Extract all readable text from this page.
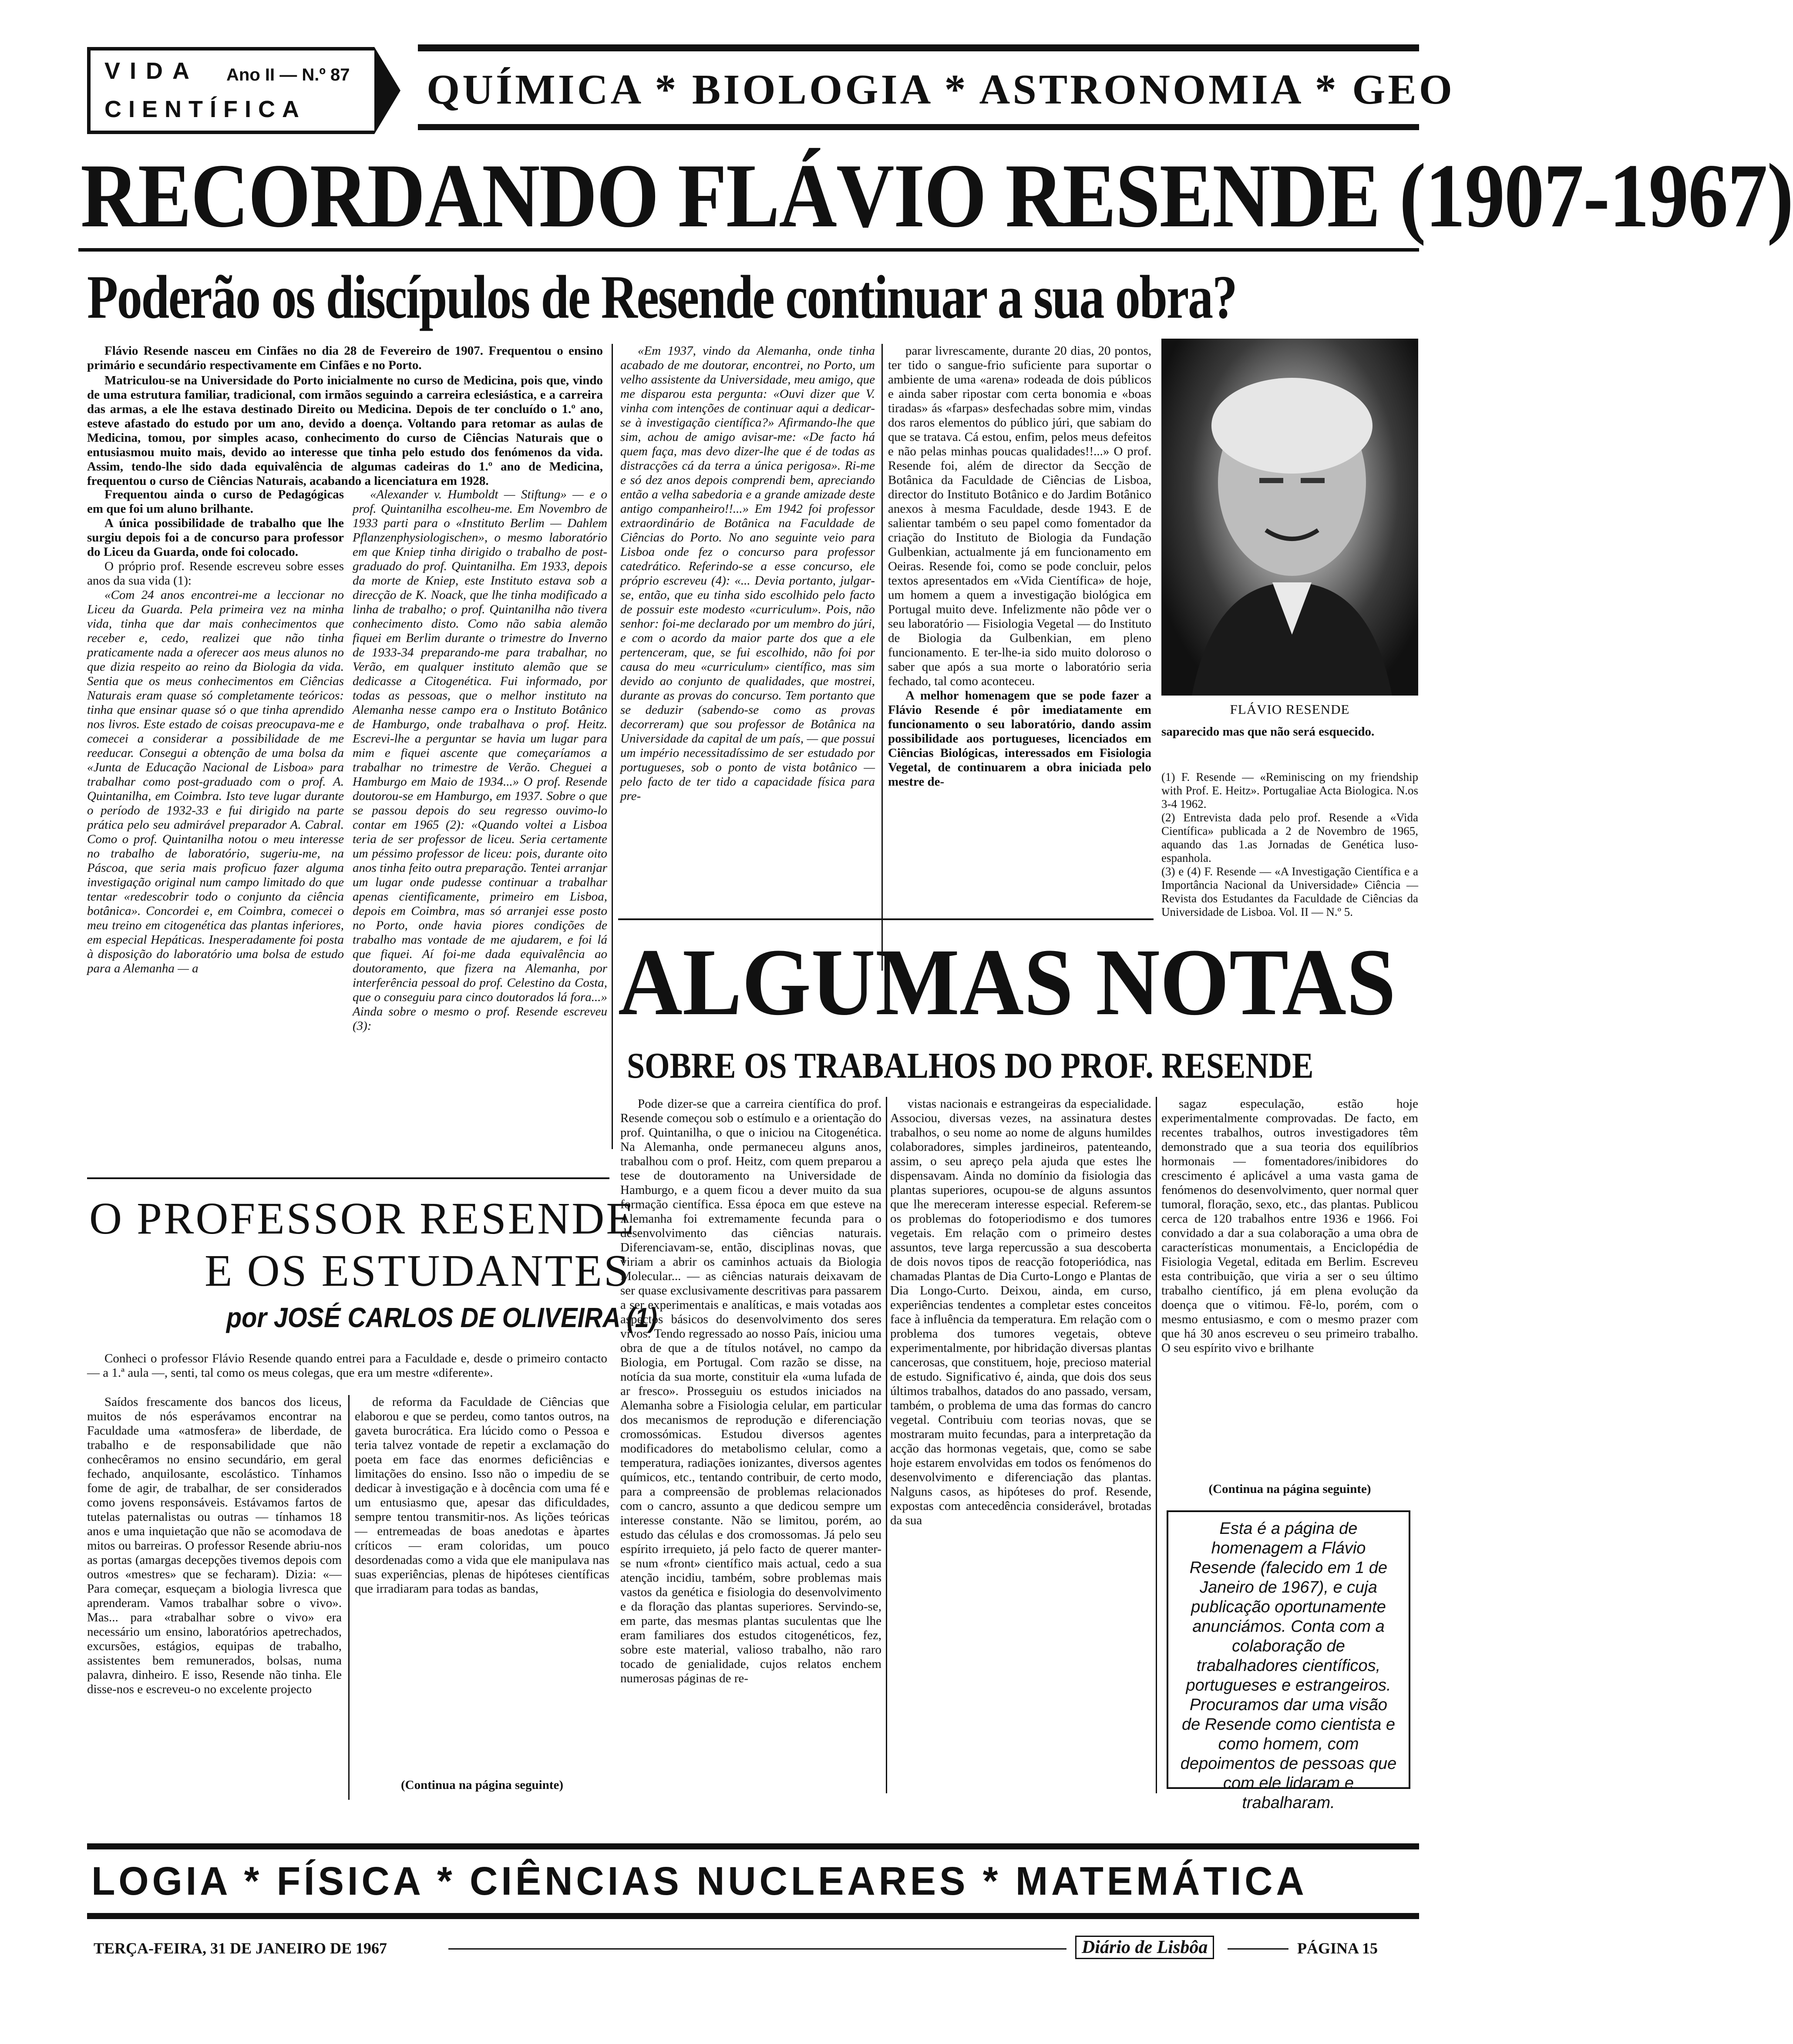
VIDA Ano II — N.º 87
CIENTÍFICA	QUÍMICA * BIOLOGIA * ASTRONOMIA * GEO
RECORDANDO FLÁVIO RESENDE (1907-1967)
Poderão os discípulos de Resende continuar a sua obra?

Flávio Resende nasceu em Cinfães no dia 28 de Fevereiro de 1907. Frequentou o ensino primário e secundário respectivamente em Cinfães e no Porto.

Matriculou-se na Universidade do Porto inicialmente no curso de Medicina, pois que, vindo de uma estrutura familiar, tradicional, com irmãos seguindo a carreira eclesiástica, e a carreira das armas, a ele lhe estava destinado Direito ou Medicina. Depois de ter concluído o 1.º ano, esteve afastado do estudo por um ano, devido a doença. Voltando para retomar as aulas de Medicina, tomou, por simples acaso, conhecimento do curso de Ciências Naturais que o entusiasmou muito mais, devido ao interesse que tinha pelo estudo dos fenómenos da vida. Assim, tendo-lhe sido dada equivalência de algumas cadeiras do 1.º ano de Medicina, frequentou o curso de Ciências Naturais, acabando a licenciatura em 1928.

Frequentou ainda o curso de Pedagógicas em que foi um aluno brilhante.

A única possibilidade de trabalho que lhe surgiu depois foi a de concurso para professor do Liceu da Guarda, onde foi colocado.

O próprio prof. Resende escreveu sobre esses anos da sua vida (1):

«Com 24 anos encontrei-me a leccionar no Liceu da Guarda. Pela primeira vez na minha vida, tinha que dar mais conhecimentos que receber e, cedo, realizei que não tinha praticamente nada a oferecer aos meus alunos no que dizia respeito ao reino da Biologia da vida. Sentia que os meus conhecimentos em Ciências Naturais eram quase só completamente teóricos: tinha que ensinar quase só o que tinha aprendido nos livros. Este estado de coisas preocupava-me e comecei a considerar a possibilidade de me reeducar. Consegui a obtenção de uma bolsa da «Junta de Educação Nacional de Lisboa» para trabalhar como post-graduado com o prof. A. Quintanilha, em Coimbra. Isto teve lugar durante o período de 1932-33 e fui dirigido na parte prática pelo seu admirável preparador A. Cabral. Como o prof. Quintanilha notou o meu interesse no trabalho de laboratório, sugeriu-me, na Páscoa, que seria mais proficuo fazer alguma investigação original num campo limitado do que tentar «redescobrir todo o conjunto da ciência botânica». Concordei e, em Coimbra, comecei o meu treino em citogenética das plantas inferiores, em especial Hepáticas. Inesperadamente foi posta à disposição do laboratório uma bolsa de estudo para a Alemanha — a

«Alexander v. Humboldt — Stiftung» — e o prof. Quintanilha escolheu-me. Em Novembro de 1933 parti para o «Instituto Berlim — Dahlem Pflanzenphysiologischen», o mesmo laboratório em que Kniep tinha dirigido o trabalho de post-graduado do prof. Quintanilha. Em 1933, depois da morte de Kniep, este Instituto estava sob a direcção de K. Noack, que lhe tinha modificado a linha de trabalho; o prof. Quintanilha não tivera conhecimento disto. Como não sabia alemão fiquei em Berlim durante o trimestre do Inverno de 1933-34 preparando-me para trabalhar, no Verão, em qualquer instituto alemão que se dedicasse a Citogenética. Fui informado, por todas as pessoas, que o melhor instituto na Alemanha nesse campo era o Instituto Botânico de Hamburgo, onde trabalhava o prof. Heitz. Escrevi-lhe a perguntar se havia um lugar para mim e fiquei ascente que começaríamos a trabalhar no trimestre de Verão. Cheguei a Hamburgo em Maio de 1934...» O prof. Resende doutorou-se em Hamburgo, em 1937. Sobre o que se passou depois do seu regresso ouvimo-lo contar em 1965 (2): «Quando voltei a Lisboa teria de ser professor de liceu. Seria certamente um péssimo professor de liceu: pois, durante oito anos tinha feito outra preparação. Tentei arranjar um lugar onde pudesse continuar a trabalhar apenas cientificamente, primeiro em Lisboa, depois em Coimbra, mas só arranjei esse posto no Porto, onde havia piores condições de trabalho mas vontade de me ajudarem, e foi lá que fiquei. Aí foi-me dada equivalência ao doutoramento, que fizera na Alemanha, por interferência pessoal do prof. Celestino da Costa, que o conseguiu para cinco doutorados lá fora...» Ainda sobre o mesmo o prof. Resende escreveu (3):

«Em 1937, vindo da Alemanha, onde tinha acabado de me doutorar, encontrei, no Porto, um velho assistente da Universidade, meu amigo, que me disparou esta pergunta: «Ouvi dizer que V. vinha com intenções de continuar aqui a dedicar-se à investigação científica?» Afirmando-lhe que sim, achou de amigo avisar-me: «De facto há quem faça, mas devo dizer-lhe que é de todas as distracções cá da terra a única perigosa». Ri-me e só dez anos depois comprendi bem, apreciando então a velha sabedoria e a grande amizade deste antigo companheiro!!...» Em 1942 foi professor extraordinário de Botânica na Faculdade de Ciências do Porto. No ano seguinte veio para Lisboa onde fez o concurso para professor catedrático. Referindo-se a esse concurso, ele próprio escreveu (4): «... Devia portanto, julgar-se, então, que eu tinha sido escolhido pelo facto de possuir este modesto «curriculum». Pois, não senhor: foi-me declarado por um membro do júri, e com o acordo da maior parte dos que a ele pertenceram, que, se fui escolhido, não foi por causa do meu «curriculum» científico, mas sim devido ao conjunto de qualidades, que mostrei, durante as provas do concurso. Tem portanto que se deduzir (sabendo-se como as provas decorreram) que sou professor de Botânica na Universidade da capital de um país, — que possui um império necessitadíssimo de ser estudado por portugueses, sob o ponto de vista botânico — pelo facto de ter tido a capacidade física para pre-

parar livrescamente, durante 20 dias, 20 pontos, ter tido o sangue-frio suficiente para suportar o ambiente de uma «arena» rodeada de dois públicos e ainda saber ripostar com certa bonomia e «boas tiradas» ás «farpas» desfechadas sobre mim, vindas dos raros elementos do público júri, que sabiam do que se tratava. Cá estou, enfim, pelos meus defeitos e não pelas minhas poucas qualidades!!...» O prof. Resende foi, além de director da Secção de Botânica da Faculdade de Ciências de Lisboa, director do Instituto Botânico e do Jardim Botânico anexos à mesma Faculdade, desde 1943. E de salientar também o seu papel como fomentador da criação do Instituto de Biologia da Fundação Gulbenkian, actualmente já em funcionamento em Oeiras. Resende foi, como se pode concluir, pelos textos apresentados em «Vida Científica» de hoje, um homem a quem a investigação biológica em Portugal muito deve. Infelizmente não pôde ver o seu laboratório — Fisiologia Vegetal — do Instituto de Biologia da Gulbenkian, em pleno funcionamento. E ter-lhe-ia sido muito doloroso o saber que após a sua morte o laboratório seria fechado, tal como aconteceu.

A melhor homenagem que se pode fazer a Flávio Resende é pôr imediatamente em funcionamento o seu laboratório, dando assim possibilidade aos portugueses, licenciados em Ciências Biológicas, interessados em Fisiologia Vegetal, de continuarem a obra iniciada pelo mestre de-

FLÁVIO RESENDE

saparecido mas que não será esquecido.

(1) F. Resende — «Reminiscing on my friendship with Prof. E. Heitz». Portugaliae Acta Biologica. N.os 3-4 1962.

(2) Entrevista dada pelo prof. Resende a «Vida Científica» publicada a 2 de Novembro de 1965, aquando das 1.as Jornadas de Genética luso-espanhola.

(3) e (4) F. Resende — «A Investigação Científica e a Importância Nacional da Universidade» Ciência — Revista dos Estudantes da Faculdade de Ciências da Universidade de Lisboa. Vol. II — N.º 5.

O PROFESSOR RESENDE
E OS ESTUDANTES
por JOSÉ CARLOS DE OLIVEIRA (1)

Conheci o professor Flávio Resende quando entrei para a Faculdade e, desde o primeiro contacto — a 1.ª aula —, senti, tal como os meus colegas, que era um mestre «diferente».

Saídos frescamente dos bancos dos liceus, muitos de nós esperávamos encontrar na Faculdade uma «atmosfera» de liberdade, de trabalho e de responsabilidade que não conhecêramos no ensino secundário, em geral fechado, anquilosante, escolástico. Tínhamos fome de agir, de trabalhar, de ser considerados como jovens responsáveis. Estávamos fartos de tutelas paternalistas ou outras — tínhamos 18 anos e uma inquietação que não se acomodava de mitos ou barreiras. O professor Resende abriu-nos as portas (amargas decepções tivemos depois com outros «mestres» que se fecharam). Dizia: «— Para começar, esqueçam a biologia livresca que aprenderam. Vamos trabalhar sobre o vivo». Mas... para «trabalhar sobre o vivo» era necessário um ensino, laboratórios apetrechados, excursões, estágios, equipas de trabalho, assistentes bem remunerados, bolsas, numa palavra, dinheiro. E isso, Resende não tinha. Ele disse-nos e escreveu-o no excelente projecto

de reforma da Faculdade de Ciências que elaborou e que se perdeu, como tantos outros, na gaveta burocrática. Era lúcido como o Pessoa e teria talvez vontade de repetir a exclamação do poeta em face das enormes deficiências e limitações do ensino. Isso não o impediu de se dedicar à investigação e à docência com uma fé e um entusiasmo que, apesar das dificuldades, sempre tentou transmitir-nos. As lições teóricas — entremeadas de boas anedotas e àpartes críticos — eram coloridas, um pouco desordenadas como a vida que ele manipulava nas suas experiências, plenas de hipóteses científicas que irradiaram para todas as bandas,

(Continua na página seguinte)
ALGUMAS NOTAS
SOBRE OS TRABALHOS DO PROF. RESENDE

Pode dizer-se que a carreira científica do prof. Resende começou sob o estímulo e a orientação do prof. Quintanilha, o que o iniciou na Citogenética. Na Alemanha, onde permaneceu alguns anos, trabalhou com o prof. Heitz, com quem preparou a tese de doutoramento na Universidade de Hamburgo, e a quem ficou a dever muito da sua formação científica. Essa época em que esteve na Alemanha foi extremamente fecunda para o desenvolvimento das ciências naturais. Diferenciavam-se, então, disciplinas novas, que viriam a abrir os caminhos actuais da Biologia Molecular... — as ciências naturais deixavam de ser quase exclusivamente descritivas para passarem a ser experimentais e analíticas, e mais votadas aos aspectos básicos do desenvolvimento dos seres vivos. Tendo regressado ao nosso País, iniciou uma obra de que a de títulos notável, no campo da Biologia, em Portugal. Com razão se disse, na notícia da sua morte, constituir ela «uma lufada de ar fresco». Prosseguiu os estudos iniciados na Alemanha sobre a Fisiologia celular, em particular dos mecanismos de reprodução e diferenciação cromossómicas. Estudou diversos agentes modificadores do metabolismo celular, como a temperatura, radiações ionizantes, diversos agentes químicos, etc., tentando contribuir, de certo modo, para a compreensão de problemas relacionados com o cancro, assunto a que dedicou sempre um interesse constante. Não se limitou, porém, ao estudo das células e dos cromossomas. Já pelo seu espírito irrequieto, já pelo facto de querer manter-se num «front» científico mais actual, cedo a sua atenção incidiu, também, sobre problemas mais vastos da genética e fisiologia do desenvolvimento e da floração das plantas superiores. Servindo-se, em parte, das mesmas plantas suculentas que lhe eram familiares dos estudos citogenéticos, fez, sobre este material, valioso trabalho, não raro tocado de genialidade, cujos relatos enchem numerosas páginas de re-

vistas nacionais e estrangeiras da especialidade. Associou, diversas vezes, na assinatura destes trabalhos, o seu nome ao nome de alguns humildes colaboradores, simples jardineiros, patenteando, assim, o seu apreço pela ajuda que estes lhe dispensavam. Ainda no domínio da fisiologia das plantas superiores, ocupou-se de alguns assuntos que lhe mereceram interesse especial. Referem-se os problemas do fotoperiodismo e dos tumores vegetais. Em relação com o primeiro destes assuntos, teve larga repercussão a sua descoberta de dois novos tipos de reacção fotoperiódica, nas chamadas Plantas de Dia Curto-Longo e Plantas de Dia Longo-Curto. Deixou, ainda, em curso, experiências tendentes a completar estes conceitos face à influência da temperatura. Em relação com o problema dos tumores vegetais, obteve experimentalmente, por hibridação diversas plantas cancerosas, que constituem, hoje, precioso material de estudo. Significativo é, ainda, que dois dos seus últimos trabalhos, datados do ano passado, versam, também, o problema de uma das formas do cancro vegetal. Contribuiu com teorias novas, que se mostraram muito fecundas, para a interpretação da acção das hormonas vegetais, que, como se sabe hoje estarem envolvidas em todos os fenómenos do desenvolvimento e diferenciação das plantas. Nalguns casos, as hipóteses do prof. Resende, expostas com antecedência considerável, brotadas da sua

sagaz especulação, estão hoje experimentalmente comprovadas. De facto, em recentes trabalhos, outros investigadores têm demonstrado que a sua teoria dos equilíbrios hormonais — fomentadores/inibidores do crescimento é aplicável a uma vasta gama de fenómenos do desenvolvimento, quer normal quer tumoral, floração, sexo, etc., das plantas. Publicou cerca de 120 trabalhos entre 1936 e 1966. Foi convidado a dar a sua colaboração a uma obra de características monumentais, a Enciclopédia de Fisiologia Vegetal, editada em Berlim. Escreveu esta contribuição, que viria a ser o seu último trabalho científico, já em plena evolução da doença que o vitimou. Fê-lo, porém, com o mesmo entusiasmo, e com o mesmo prazer com que há 30 anos escreveu o seu primeiro trabalho. O seu espírito vivo e brilhante

(Continua na página seguinte)
Esta é a página de homenagem a Flávio Resende (falecido em 1 de Janeiro de 1967), e cuja publicação oportunamente anunciámos. Conta com a colaboração de trabalhadores científicos, portugueses e estrangeiros. Procuramos dar uma visão de Resende como cientista e como homem, com depoimentos de pessoas que com ele lidaram e trabalharam.
LOGIA * FÍSICA * CIÊNCIAS NUCLEARES * MATEMÁTICA
TERÇA-FEIRA, 31 DE JANEIRO DE 1967	Diário de Lisbôa	PÁGINA 15
